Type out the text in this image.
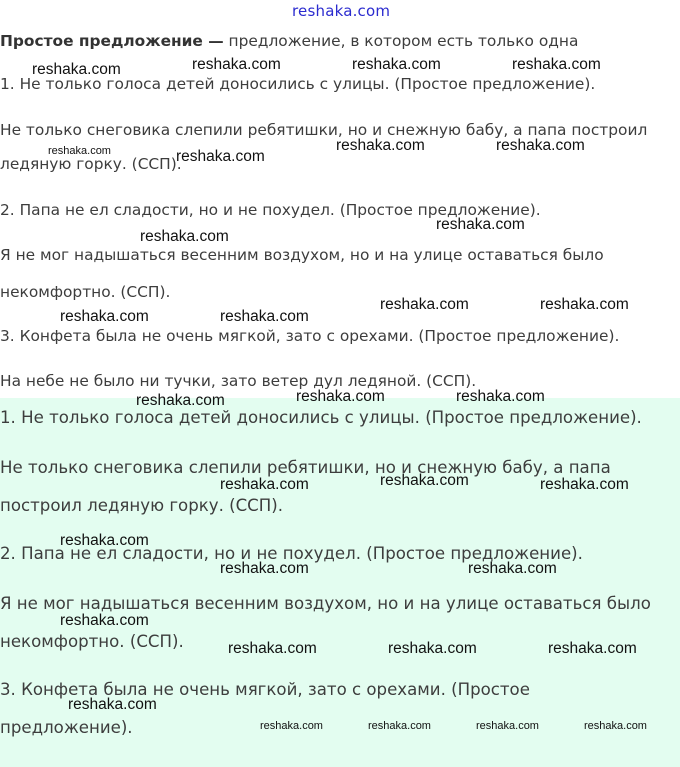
reshaka.com
Простое предложение — предложение, в котором есть только одна
1. Не только голоса детей доносились с улицы. (Простое предложение).
Не только снеговика слепили ребятишки, но и снежную бабу, а папа построил
ледяную горку. (ССП).
2. Папа не ел сладости, но и не похудел. (Простое предложение).
Я не мог надышаться весенним воздухом, но и на улице оставаться было
некомфортно. (ССП).
3. Конфета была не очень мягкой, зато с орехами. (Простое предложение).
На небе не было ни тучки, зато ветер дул ледяной. (ССП).
1. Не только голоса детей доносились с улицы. (Простое предложение).
Не только снеговика слепили ребятишки, но и снежную бабу, а папа
построил ледяную горку. (ССП).
2. Папа не ел сладости, но и не похудел. (Простое предложение).
Я не мог надышаться весенним воздухом, но и на улице оставаться было
некомфортно. (ССП).
3. Конфета была не очень мягкой, зато с орехами. (Простое
предложение).
reshaka.com	reshaka.com	reshaka.com	reshaka.com
reshaka.com	reshaka.com
reshaka.com	reshaka.com
reshaka.com
reshaka.com
reshaka.com	reshaka.com
reshaka.com	reshaka.com
reshaka.com	reshaka.com
reshaka.com
reshaka.com
reshaka.com	reshaka.com
reshaka.com
reshaka.com	reshaka.com
reshaka.com
reshaka.com	reshaka.com	reshaka.com
reshaka.com
reshaka.com	reshaka.com	reshaka.com	reshaka.com
